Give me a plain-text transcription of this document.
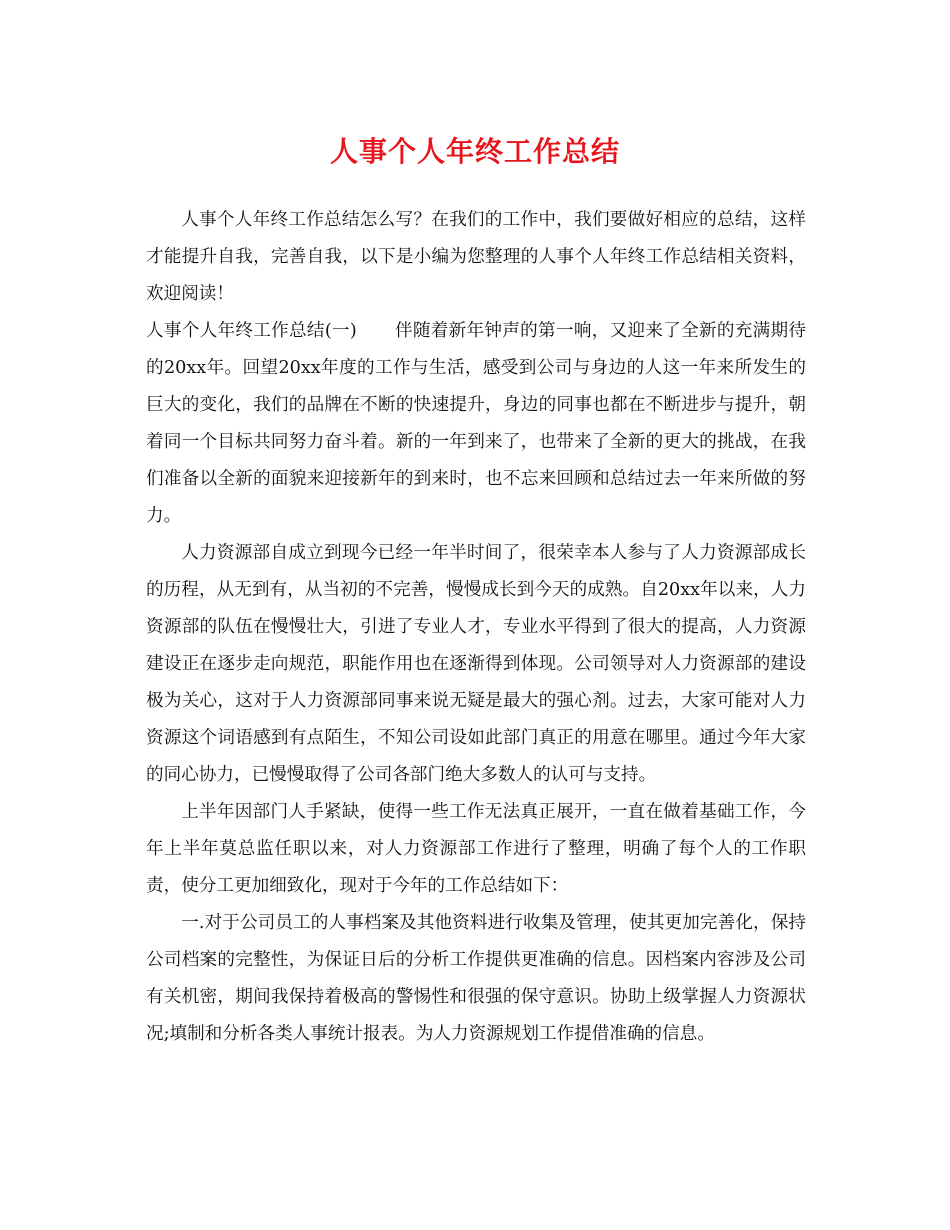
人事个人年终工作总结

人事个人年终工作总结怎么写？在我们的工作中，我们要做好相应的总结，这样才能提升自我，完善自我，以下是小编为您整理的人事个人年终工作总结相关资料，欢迎阅读！

人事个人年终工作总结(一) 伴随着新年钟声的第一响，又迎来了全新的充满期待的20xx年。回望20xx年度的工作与生活，感受到公司与身边的人这一年来所发生的巨大的变化，我们的品牌在不断的快速提升，身边的同事也都在不断进步与提升，朝着同一个目标共同努力奋斗着。新的一年到来了，也带来了全新的更大的挑战，在我们准备以全新的面貌来迎接新年的到来时，也不忘来回顾和总结过去一年来所做的努力。

人力资源部自成立到现今已经一年半时间了，很荣幸本人参与了人力资源部成长的历程，从无到有，从当初的不完善，慢慢成长到今天的成熟。自20xx年以来，人力资源部的队伍在慢慢壮大，引进了专业人才，专业水平得到了很大的提高，人力资源建设正在逐步走向规范，职能作用也在逐渐得到体现。公司领导对人力资源部的建设极为关心，这对于人力资源部同事来说无疑是最大的强心剂。过去，大家可能对人力资源这个词语感到有点陌生，不知公司设如此部门真正的用意在哪里。通过今年大家的同心协力，已慢慢取得了公司各部门绝大多数人的认可与支持。

上半年因部门人手紧缺，使得一些工作无法真正展开，一直在做着基础工作，今年上半年莫总监任职以来，对人力资源部工作进行了整理，明确了每个人的工作职责，使分工更加细致化，现对于今年的工作总结如下：

一.对于公司员工的人事档案及其他资料进行收集及管理，使其更加完善化，保持公司档案的完整性，为保证日后的分析工作提供更准确的信息。因档案内容涉及公司有关机密，期间我保持着极高的警惕性和很强的保守意识。协助上级掌握人力资源状况;填制和分析各类人事统计报表。为人力资源规划工作提借准确的信息。
